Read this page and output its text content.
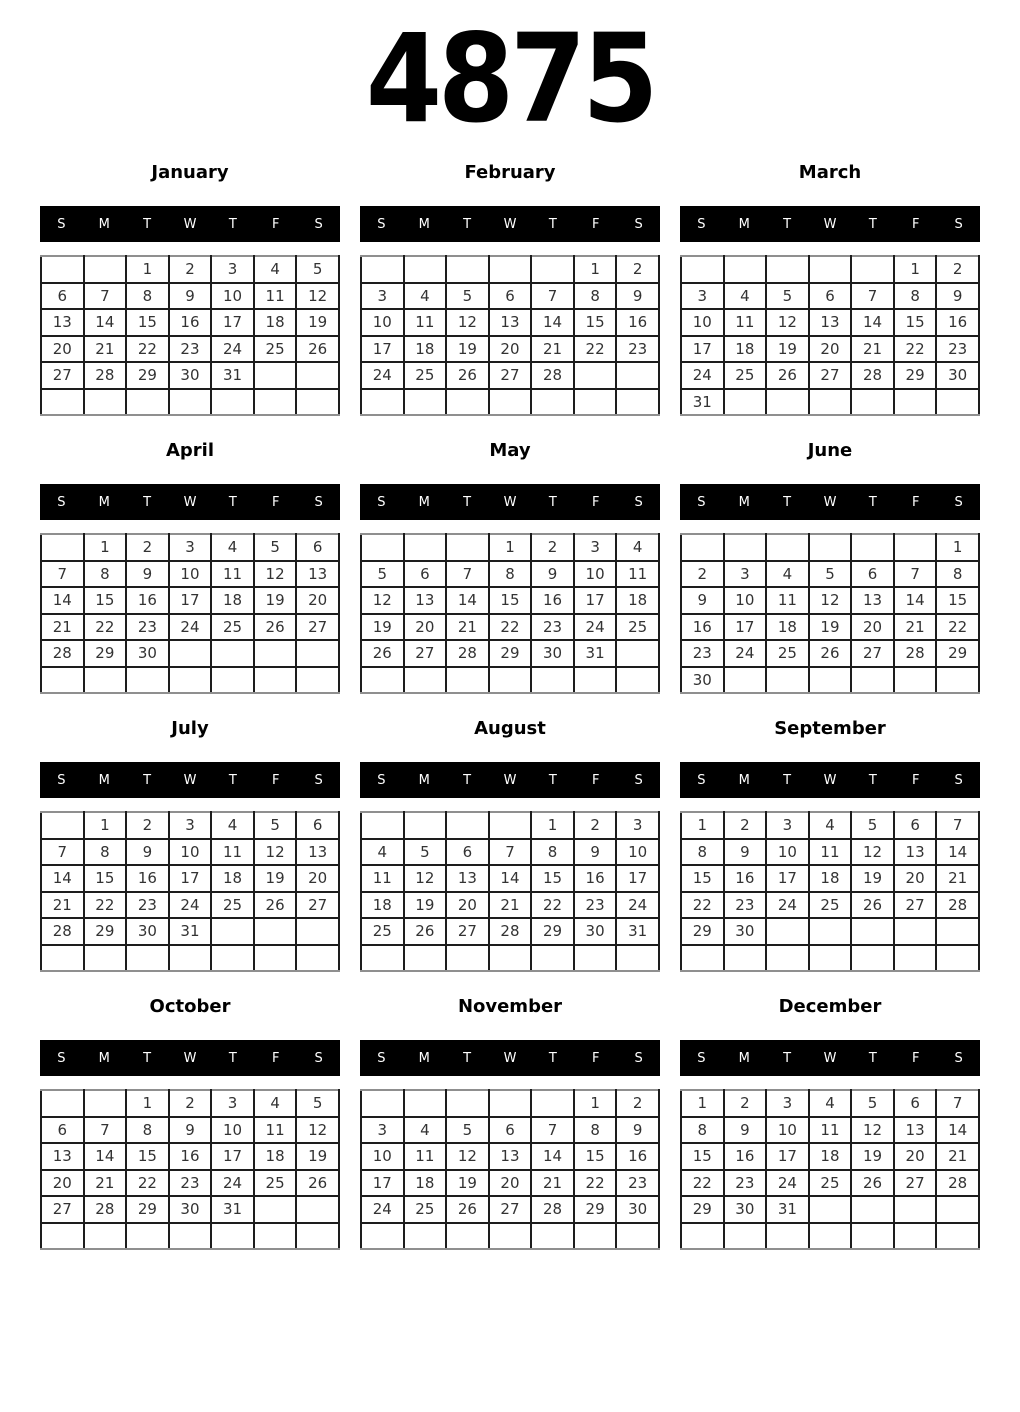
4875
January
S	M	T	W	T	F	S
		1	2	3	4	5
6	7	8	9	10	11	12
13	14	15	16	17	18	19
20	21	22	23	24	25	26
27	28	29	30	31		

February
S	M	T	W	T	F	S
					1	2
3	4	5	6	7	8	9
10	11	12	13	14	15	16
17	18	19	20	21	22	23
24	25	26	27	28		

March
S	M	T	W	T	F	S
					1	2
3	4	5	6	7	8	9
10	11	12	13	14	15	16
17	18	19	20	21	22	23
24	25	26	27	28	29	30
31						
April
S	M	T	W	T	F	S
	1	2	3	4	5	6
7	8	9	10	11	12	13
14	15	16	17	18	19	20
21	22	23	24	25	26	27
28	29	30				

May
S	M	T	W	T	F	S
			1	2	3	4
5	6	7	8	9	10	11
12	13	14	15	16	17	18
19	20	21	22	23	24	25
26	27	28	29	30	31	

June
S	M	T	W	T	F	S
						1
2	3	4	5	6	7	8
9	10	11	12	13	14	15
16	17	18	19	20	21	22
23	24	25	26	27	28	29
30						
July
S	M	T	W	T	F	S
	1	2	3	4	5	6
7	8	9	10	11	12	13
14	15	16	17	18	19	20
21	22	23	24	25	26	27
28	29	30	31			

August
S	M	T	W	T	F	S
				1	2	3
4	5	6	7	8	9	10
11	12	13	14	15	16	17
18	19	20	21	22	23	24
25	26	27	28	29	30	31

September
S	M	T	W	T	F	S
1	2	3	4	5	6	7
8	9	10	11	12	13	14
15	16	17	18	19	20	21
22	23	24	25	26	27	28
29	30					

October
S	M	T	W	T	F	S
		1	2	3	4	5
6	7	8	9	10	11	12
13	14	15	16	17	18	19
20	21	22	23	24	25	26
27	28	29	30	31		

November
S	M	T	W	T	F	S
					1	2
3	4	5	6	7	8	9
10	11	12	13	14	15	16
17	18	19	20	21	22	23
24	25	26	27	28	29	30

December
S	M	T	W	T	F	S
1	2	3	4	5	6	7
8	9	10	11	12	13	14
15	16	17	18	19	20	21
22	23	24	25	26	27	28
29	30	31				
